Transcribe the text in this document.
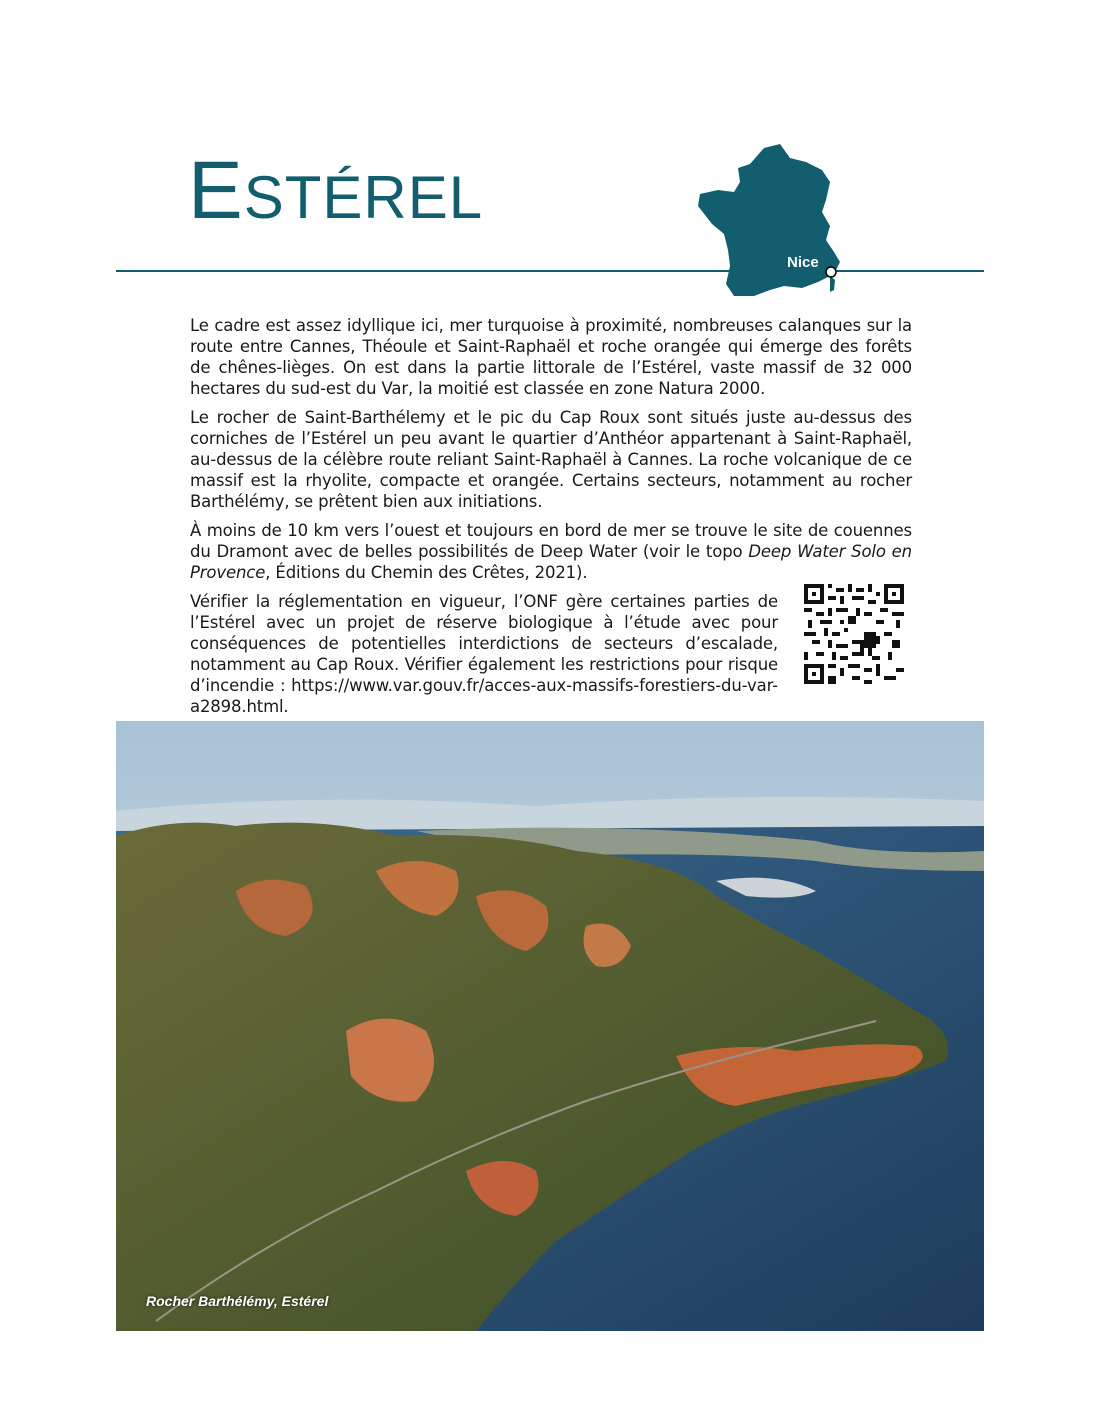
ESTÉREL
Nice

Le cadre est assez idyllique ici, mer turquoise à proximité, nombreuses calanques sur la route entre Cannes, Théoule et Saint-Raphaël et roche orangée qui émerge des forêts de chênes-lièges. On est dans la partie littorale de l’Estérel, vaste massif de 32 000 hectares du sud-est du Var, la moitié est classée en zone Natura 2000.

Le rocher de Saint-Barthélemy et le pic du Cap Roux sont situés juste au-dessus des corniches de l’Estérel un peu avant le quartier d’Anthéor appartenant à Saint-Raphaël, au-dessus de la célèbre route reliant Saint-Raphaël à Cannes. La roche volcanique de ce massif est la rhyolite, compacte et orangée. Certains secteurs, notamment au rocher Barthélémy, se prêtent bien aux initiations.

À moins de 10 km vers l’ouest et toujours en bord de mer se trouve le site de couennes du Dramont avec de belles possibilités de Deep Water (voir le topo Deep Water Solo en Provence, Éditions du Chemin des Crêtes, 2021).

Vérifier la réglementation en vigueur, l’ONF gère certaines parties de l’Estérel avec un projet de réserve biologique à l’étude avec pour conséquences de potentielles interdictions de secteurs d’escalade, notamment au Cap Roux. Vérifier également les restrictions pour risque d’incendie : https://www.var.gouv.fr/acces-aux-massifs-forestiers-du-var-a2898.html.

Rocher Barthélémy, Estérel
